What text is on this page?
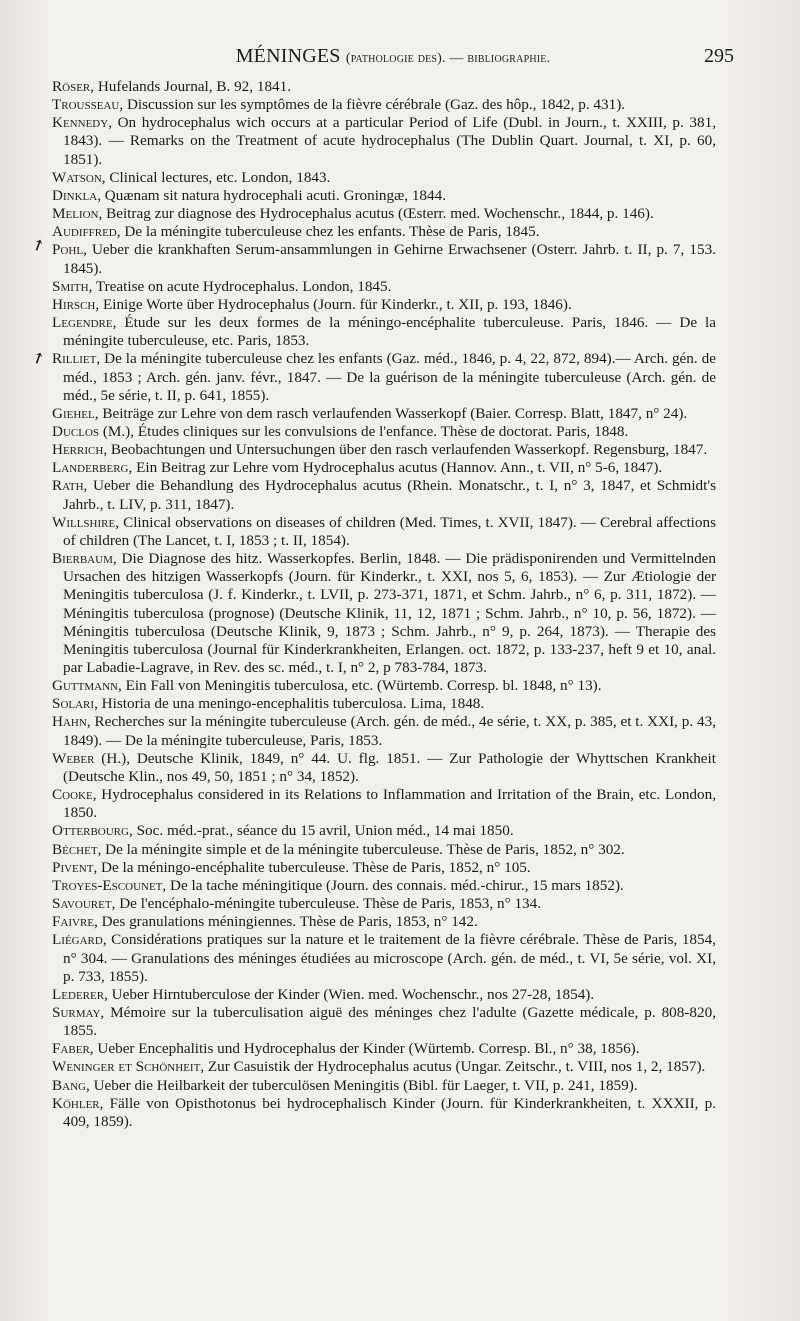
MÉNINGES (pathologie des). — bibliographie.	295
↗
↗
Röser, Hufelands Journal, B. 92, 1841.
Trousseau, Discussion sur les symptômes de la fièvre cérébrale (Gaz. des hôp., 1842, p. 431).
Kennedy, On hydrocephalus wich occurs at a particular Period of Life (Dubl. in Journ., t. XXIII, p. 381, 1843). — Remarks on the Treatment of acute hydrocephalus (The Dublin Quart. Journal, t. XI, p. 60, 1851).
Watson, Clinical lectures, etc. London, 1843.
Dinkla, Quænam sit natura hydrocephali acuti. Groningæ, 1844.
Melion, Beitrag zur diagnose des Hydrocephalus acutus (Œsterr. med. Wochenschr., 1844, p. 146).
Audiffred, De la méningite tuberculeuse chez les enfants. Thèse de Paris, 1845.
Pohl, Ueber die krankhaften Serum-ansammlungen in Gehirne Erwachsener (Osterr. Jahrb. t. II, p. 7, 153. 1845).
Smith, Treatise on acute Hydrocephalus. London, 1845.
Hirsch, Einige Worte über Hydrocephalus (Journ. für Kinderkr., t. XII, p. 193, 1846).
Legendre, Étude sur les deux formes de la méningo-encéphalite tuberculeuse. Paris, 1846. — De la méningite tuberculeuse, etc. Paris, 1853.
Rilliet, De la méningite tuberculeuse chez les enfants (Gaz. méd., 1846, p. 4, 22, 872, 894).— Arch. gén. de méd., 1853 ; Arch. gén. janv. févr., 1847. — De la guérison de la méningite tuberculeuse (Arch. gén. de méd., 5e série, t. II, p. 641, 1855).
Giehel, Beiträge zur Lehre von dem rasch verlaufenden Wasserkopf (Baier. Corresp. Blatt, 1847, n° 24).
Duclos (M.), Études cliniques sur les convulsions de l'enfance. Thèse de doctorat. Paris, 1848.
Herrich, Beobachtungen und Untersuchungen über den rasch verlaufenden Wasserkopf. Regensburg, 1847.
Landerberg, Ein Beitrag zur Lehre vom Hydrocephalus acutus (Hannov. Ann., t. VII, n° 5-6, 1847).
Rath, Ueber die Behandlung des Hydrocephalus acutus (Rhein. Monatschr., t. I, n° 3, 1847, et Schmidt's Jahrb., t. LIV, p. 311, 1847).
Willshire, Clinical observations on diseases of children (Med. Times, t. XVII, 1847). — Cerebral affections of children (The Lancet, t. I, 1853 ; t. II, 1854).
Bierbaum, Die Diagnose des hitz. Wasserkopfes. Berlin, 1848. — Die prädisponirenden und Vermittelnden Ursachen des hitzigen Wasserkopfs (Journ. für Kinderkr., t. XXI, nos 5, 6, 1853). — Zur Ætiologie der Meningitis tuberculosa (J. f. Kinderkr., t. LVII, p. 273-371, 1871, et Schm. Jahrb., n° 6, p. 311, 1872). — Méningitis tuberculosa (prognose) (Deutsche Klinik, 11, 12, 1871 ; Schm. Jahrb., n° 10, p. 56, 1872). — Méningitis tuberculosa (Deutsche Klinik, 9, 1873 ; Schm. Jahrb., n° 9, p. 264, 1873). — Therapie des Meningitis tuberculosa (Journal für Kinderkrankheiten, Erlangen. oct. 1872, p. 133-237, heft 9 et 10, anal. par Labadie-Lagrave, in Rev. des sc. méd., t. I, n° 2, p 783-784, 1873.
Guttmann, Ein Fall von Meningitis tuberculosa, etc. (Würtemb. Corresp. bl. 1848, n° 13).
Solari, Historia de una meningo-encephalitis tuberculosa. Lima, 1848.
Hahn, Recherches sur la méningite tuberculeuse (Arch. gén. de méd., 4e série, t. XX, p. 385, et t. XXI, p. 43, 1849). — De la méningite tuberculeuse, Paris, 1853.
Weber (H.), Deutsche Klinik, 1849, n° 44. U. flg. 1851. — Zur Pathologie der Whyttschen Krankheit (Deutsche Klin., nos 49, 50, 1851 ; n° 34, 1852).
Cooke, Hydrocephalus considered in its Relations to Inflammation and Irritation of the Brain, etc. London, 1850.
Otterbourg, Soc. méd.-prat., séance du 15 avril, Union méd., 14 mai 1850.
Béchet, De la méningite simple et de la méningite tuberculeuse. Thèse de Paris, 1852, n° 302.
Pivent, De la méningo-encéphalite tuberculeuse. Thèse de Paris, 1852, n° 105.
Troyes-Escounet, De la tache méningitique (Journ. des connais. méd.-chirur., 15 mars 1852).
Savouret, De l'encéphalo-méningite tuberculeuse. Thèse de Paris, 1853, n° 134.
Faivre, Des granulations méningiennes. Thèse de Paris, 1853, n° 142.
Liégard, Considérations pratiques sur la nature et le traitement de la fièvre cérébrale. Thèse de Paris, 1854, n° 304. — Granulations des méninges étudiées au microscope (Arch. gén. de méd., t. VI, 5e série, vol. XI, p. 733, 1855).
Lederer, Ueber Hirntuberculose der Kinder (Wien. med. Wochenschr., nos 27-28, 1854).
Surmay, Mémoire sur la tuberculisation aiguë des méninges chez l'adulte (Gazette médicale, p. 808-820, 1855.
Faber, Ueber Encephalitis und Hydrocephalus der Kinder (Würtemb. Corresp. Bl., n° 38, 1856).
Weninger et Schönheit, Zur Casuistik der Hydrocephalus acutus (Ungar. Zeitschr., t. VIII, nos 1, 2, 1857).
Bang, Ueber die Heilbarkeit der tuberculösen Meningitis (Bibl. für Laeger, t. VII, p. 241, 1859).
Köhler, Fälle von Opisthotonus bei hydrocephalisch Kinder (Journ. für Kinderkrankheiten, t. XXXII, p. 409, 1859).
